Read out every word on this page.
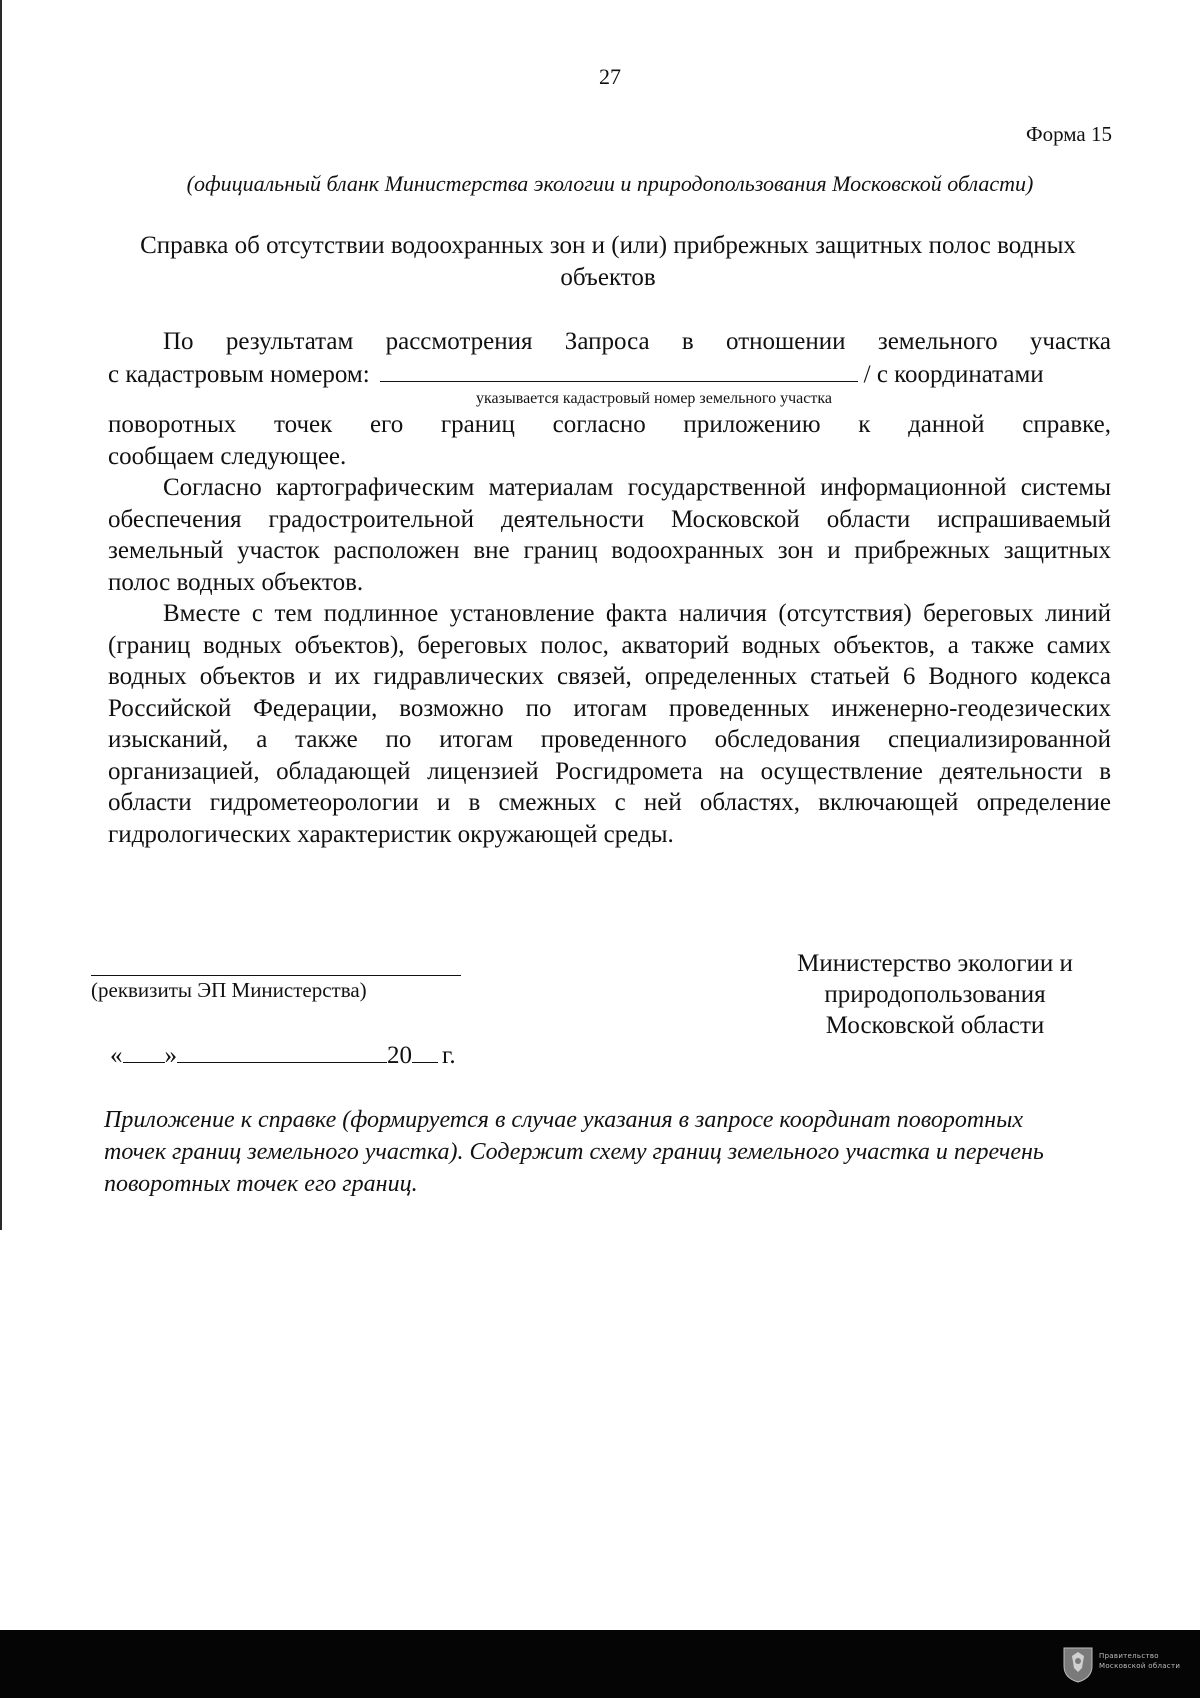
27
Форма 15
(официальный бланк Министерства экологии и природопользования Московской области)
Справка об отсутствии водоохранных зон и (или) прибрежных защитных полос водных объектов

По результатам рассмотрения Запроса в отношении земельного участка

с кадастровым номером:	/ с координатами
указывается кадастровый номер земельного участка

поворотных точек его границ согласно приложению к данной справке,

сообщаем следующее.

Согласно картографическим материалам государственной информационной системы обеспечения градостроительной деятельности Московской области испрашиваемый земельный участок расположен вне границ водоохранных зон и прибрежных защитных полос водных объектов.

Вместе с тем подлинное установление факта наличия (отсутствия) береговых линий (границ водных объектов), береговых полос, акваторий водных объектов, а также самих водных объектов и их гидравлических связей, определенных статьей 6 Водного кодекса Российской Федерации, возможно по итогам проведенных инженерно-геодезических изысканий, а также по итогам проведенного обследования специализированной организацией, обладающей лицензией Росгидромета на осуществление деятельности в области гидрометеорологии и в смежных с ней областях, включающей определение гидрологических характеристик окружающей среды.

(реквизиты ЭП Министерства)
Министерство экологии и
природопользования
Московской области
« »	20 г.
Приложение к справке (формируется в случае указания в запросе координат поворотных точек границ земельного участка). Содержит схему границ земельного участка и перечень поворотных точек его границ.
Правительство
Московской области
